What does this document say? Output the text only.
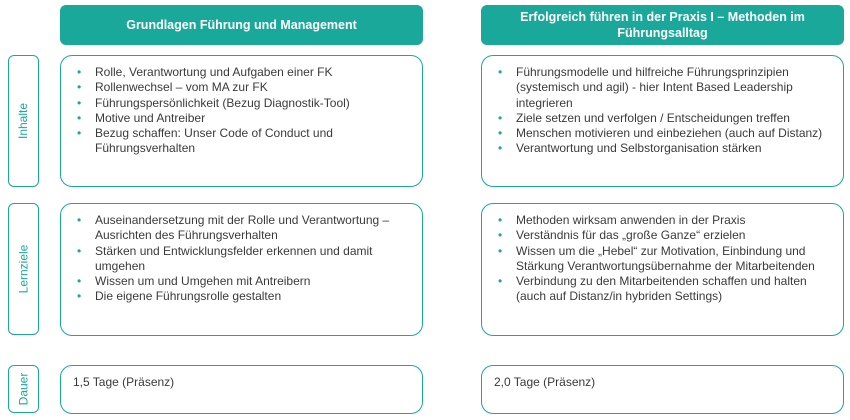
Grundlagen Führung und Management
Erfolgreich führen in der Praxis I – Methoden im Führungsalltag
Inhalte
Lernziele
Dauer
• Rolle, Verantwortung und Aufgaben einer FK
• Rollenwechsel – vom MA zur FK
• Führungspersönlichkeit (Bezug Diagnostik-Tool)
• Motive und Antreiber
• Bezug schaffen: Unser Code of Conduct und Führungsverhalten
• Führungsmodelle und hilfreiche Führungsprinzipien (systemisch und agil) - hier Intent Based Leadership integrieren
• Ziele setzen und verfolgen / Entscheidungen treffen
• Menschen motivieren und einbeziehen (auch auf Distanz)
• Verantwortung und Selbstorganisation stärken
• Auseinandersetzung mit der Rolle und Verantwortung – Ausrichten des Führungsverhalten
• Stärken und Entwicklungsfelder erkennen und damit umgehen
• Wissen um und Umgehen mit Antreibern
• Die eigene Führungsrolle gestalten
• Methoden wirksam anwenden in der Praxis
• Verständnis für das „große Ganze“ erzielen
• Wissen um die „Hebel“ zur Motivation, Einbindung und Stärkung Verantwortungsübernahme der Mitarbeitenden
• Verbindung zu den Mitarbeitenden schaffen und halten (auch auf Distanz/in hybriden Settings)
1,5 Tage (Präsenz)	2,0 Tage (Präsenz)
